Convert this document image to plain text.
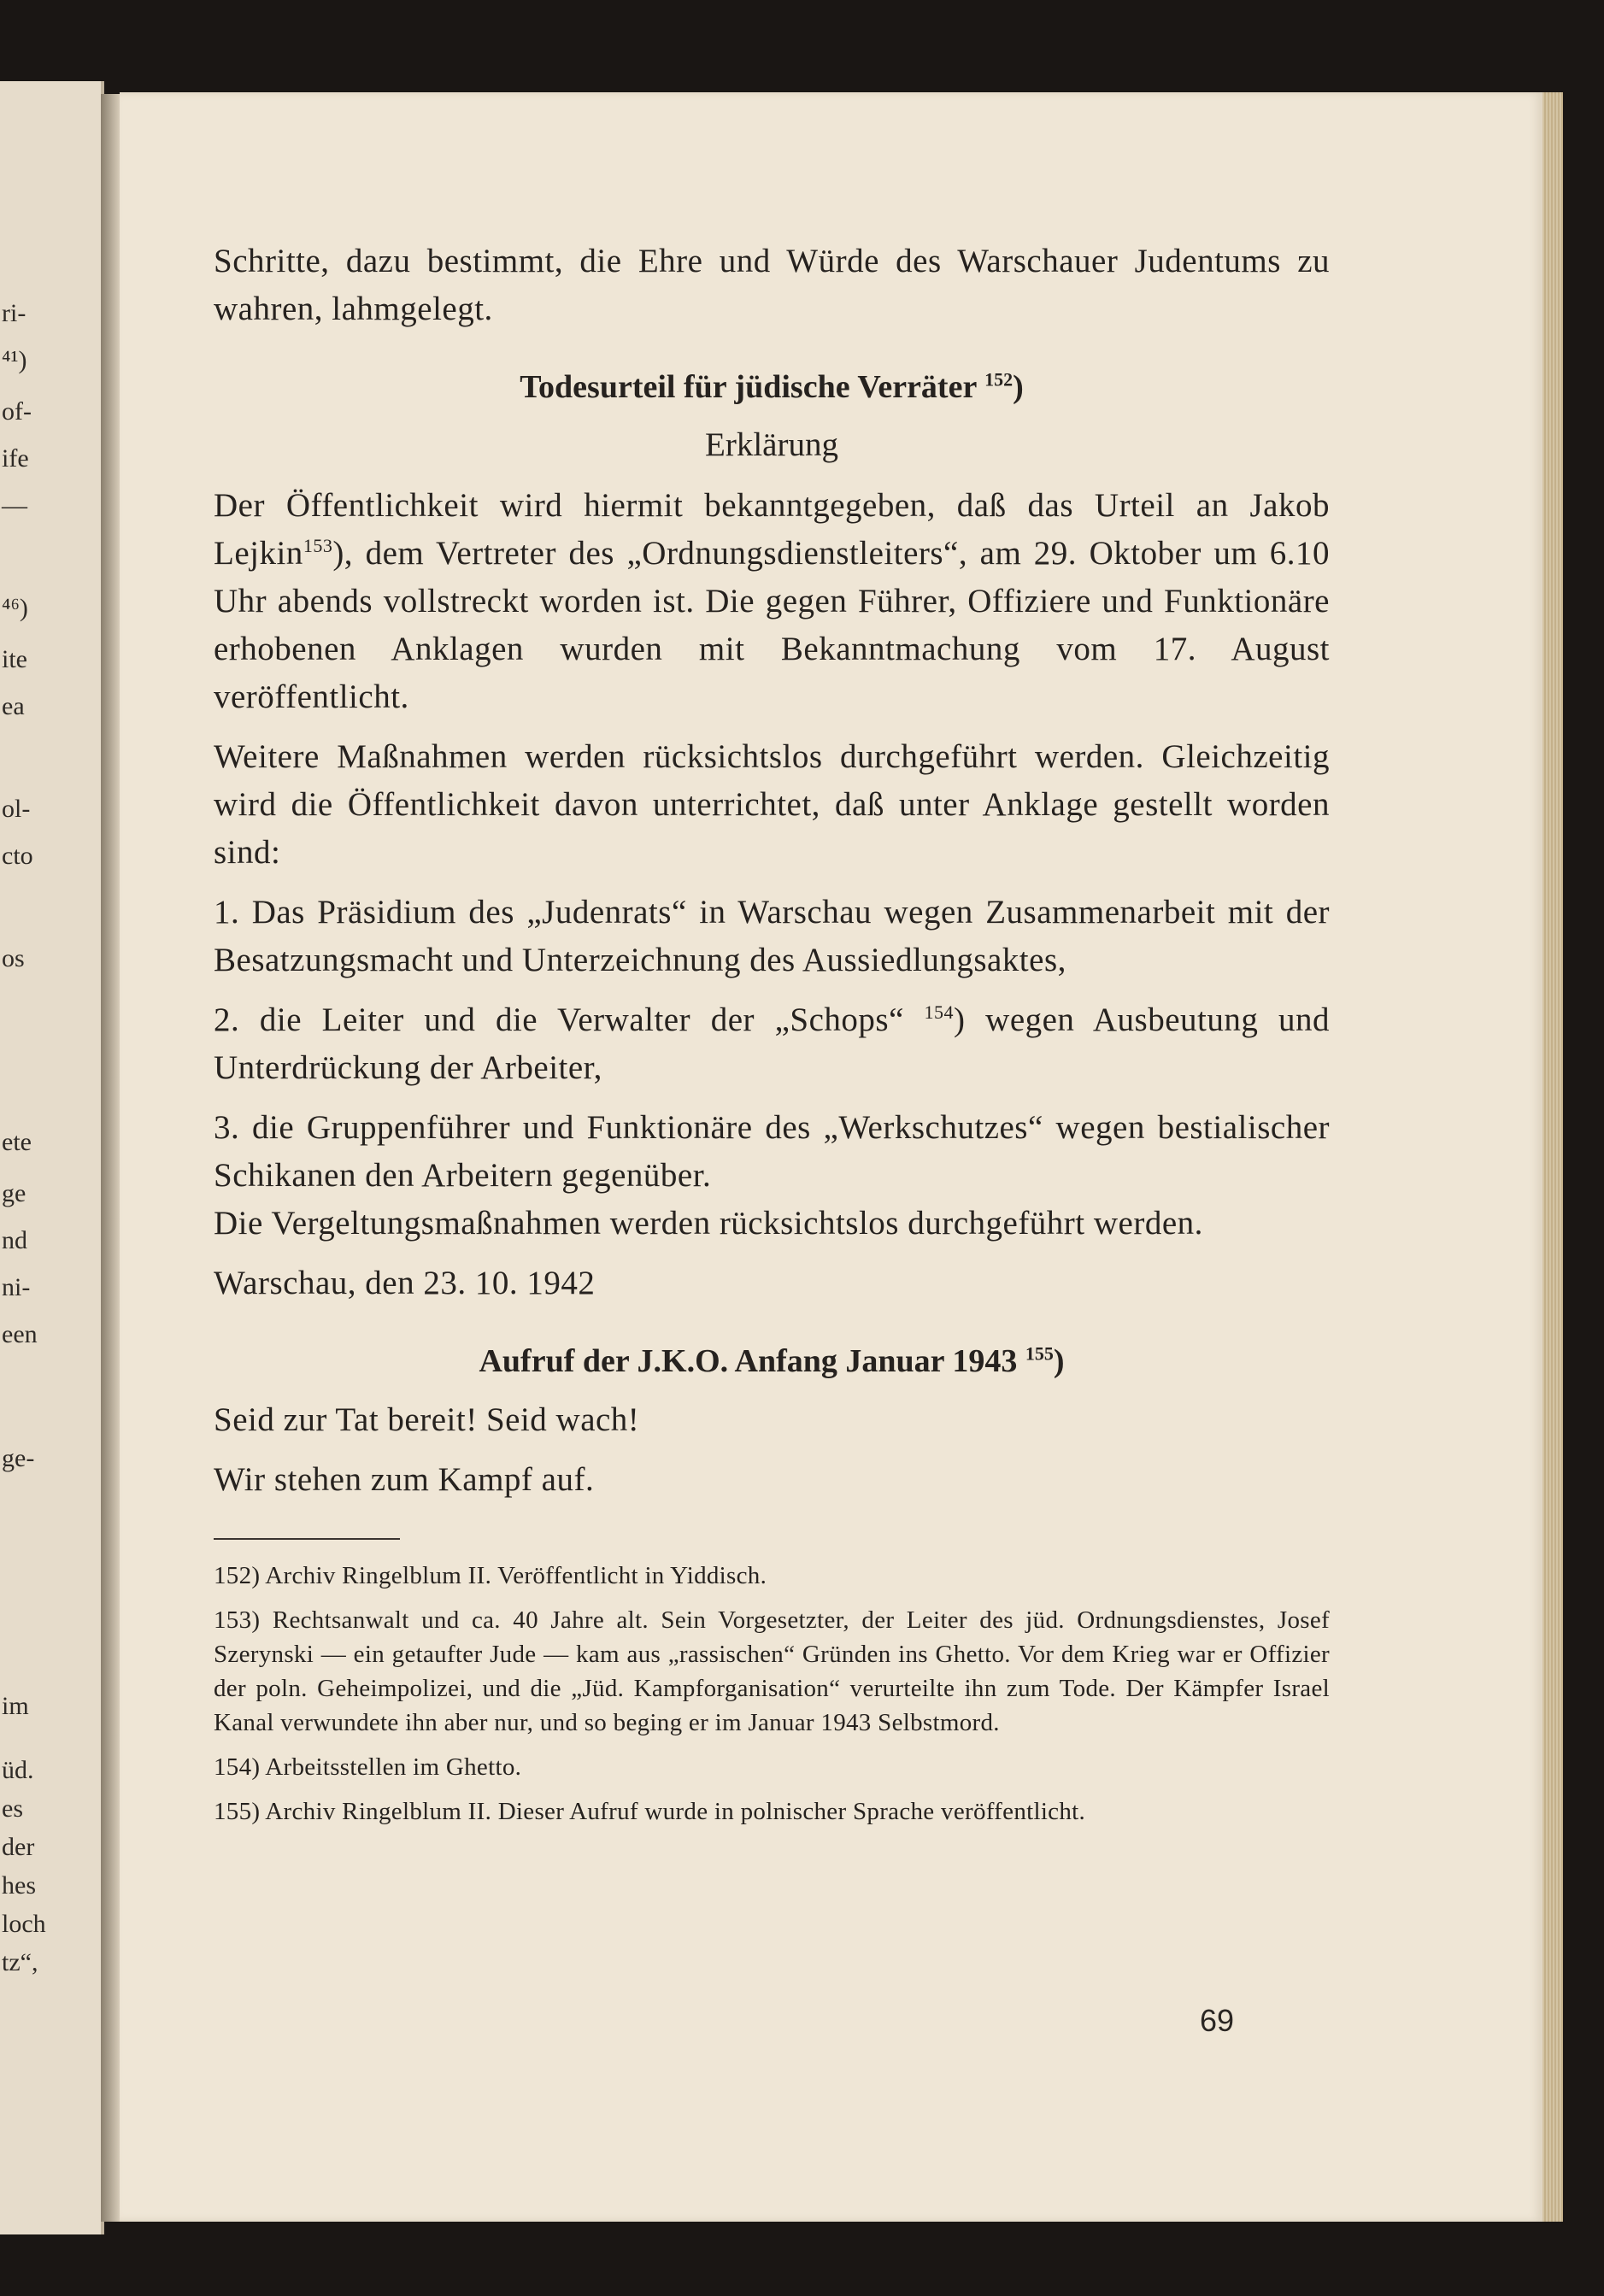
ri-
⁴¹)
of-
ife
—
⁴⁶)
ite
ea
ol-
cto
os
ete
ge
nd
ni-
een
ge-
im
üd.
es
der
hes
loch
tz“,

Schritte, dazu bestimmt, die Ehre und Würde des Warschauer Judentums zu wahren, lahmgelegt.

Todesurteil für jüdische Verräter $^{152}$)
Erklärung

Der Öffentlichkeit wird hiermit bekanntgegeben, daß das Urteil an Jakob Lejkin$^{153}$), dem Vertreter des „Ordnungsdienstleiters“, am 29. Oktober um 6.10 Uhr abends vollstreckt worden ist. Die gegen Führer, Offiziere und Funktionäre erhobenen Anklagen wurden mit Bekanntmachung vom 17. August veröffentlicht.

Weitere Maßnahmen werden rücksichtslos durchgeführt werden. Gleichzeitig wird die Öffentlichkeit davon unterrichtet, daß unter Anklage gestellt worden sind:

1. Das Präsidium des „Judenrats“ in Warschau wegen Zusammenarbeit mit der Besatzungsmacht und Unterzeichnung des Aussiedlungsaktes,

2. die Leiter und die Verwalter der „Schops“ $^{154}$) wegen Ausbeutung und Unterdrückung der Arbeiter,

3. die Gruppenführer und Funktionäre des „Werkschutzes“ wegen bestialischer Schikanen den Arbeitern gegenüber.

Die Vergeltungsmaßnahmen werden rücksichtslos durchgeführt werden.

Warschau, den 23. 10. 1942

Aufruf der J.K.O. Anfang Januar 1943 $^{155}$)

Seid zur Tat bereit! Seid wach!

Wir stehen zum Kampf auf.

152) Archiv Ringelblum II. Veröffentlicht in Yiddisch.

153) Rechtsanwalt und ca. 40 Jahre alt. Sein Vorgesetzter, der Leiter des jüd. Ordnungsdienstes, Josef Szerynski — ein getaufter Jude — kam aus „rassischen“ Gründen ins Ghetto. Vor dem Krieg war er Offizier der poln. Geheimpolizei, und die „Jüd. Kampforganisation“ verurteilte ihn zum Tode. Der Kämpfer Israel Kanal verwundete ihn aber nur, und so beging er im Januar 1943 Selbstmord.

154) Arbeitsstellen im Ghetto.

155) Archiv Ringelblum II. Dieser Aufruf wurde in polnischer Sprache veröffentlicht.

69
